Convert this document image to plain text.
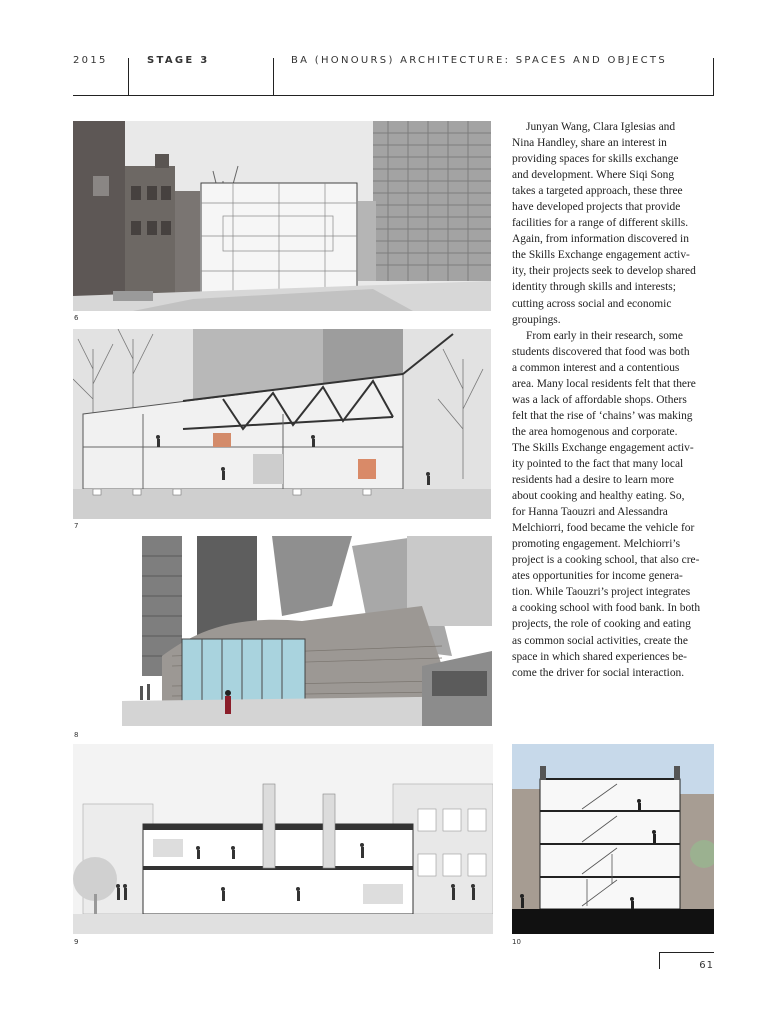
2015	STAGE 3	BA (HONOURS) ARCHITECTURE: SPACES AND OBJECTS
6
7
8
9	10
Junyan Wang, Clara Iglesias and
Nina Handley, share an interest in
providing spaces for skills exchange
and development. Where Siqi Song
takes a targeted approach, these three
have developed projects that provide
facilities for a range of different skills.
Again, from information discovered in
the Skills Exchange engagement activ-
ity, their projects seek to develop shared
identity through skills and interests;
cutting across social and economic
groupings.
From early in their research, some
students discovered that food was both
a common interest and a contentious
area. Many local residents felt that there
was a lack of affordable shops. Others
felt that the rise of ‘chains’ was making
the area homogenous and corporate.
The Skills Exchange engagement activ-
ity pointed to the fact that many local
residents had a desire to learn more
about cooking and healthy eating. So,
for Hanna Taouzri and Alessandra
Melchiorri, food became the vehicle for
promoting engagement. Melchiorri’s
project is a cooking school, that also cre-
ates opportunities for income genera-
tion. While Taouzri’s project integrates
a cooking school with food bank. In both
projects, the role of cooking and eating
as common social activities, create the
space in which shared experiences be-
come the driver for social interaction.
61
